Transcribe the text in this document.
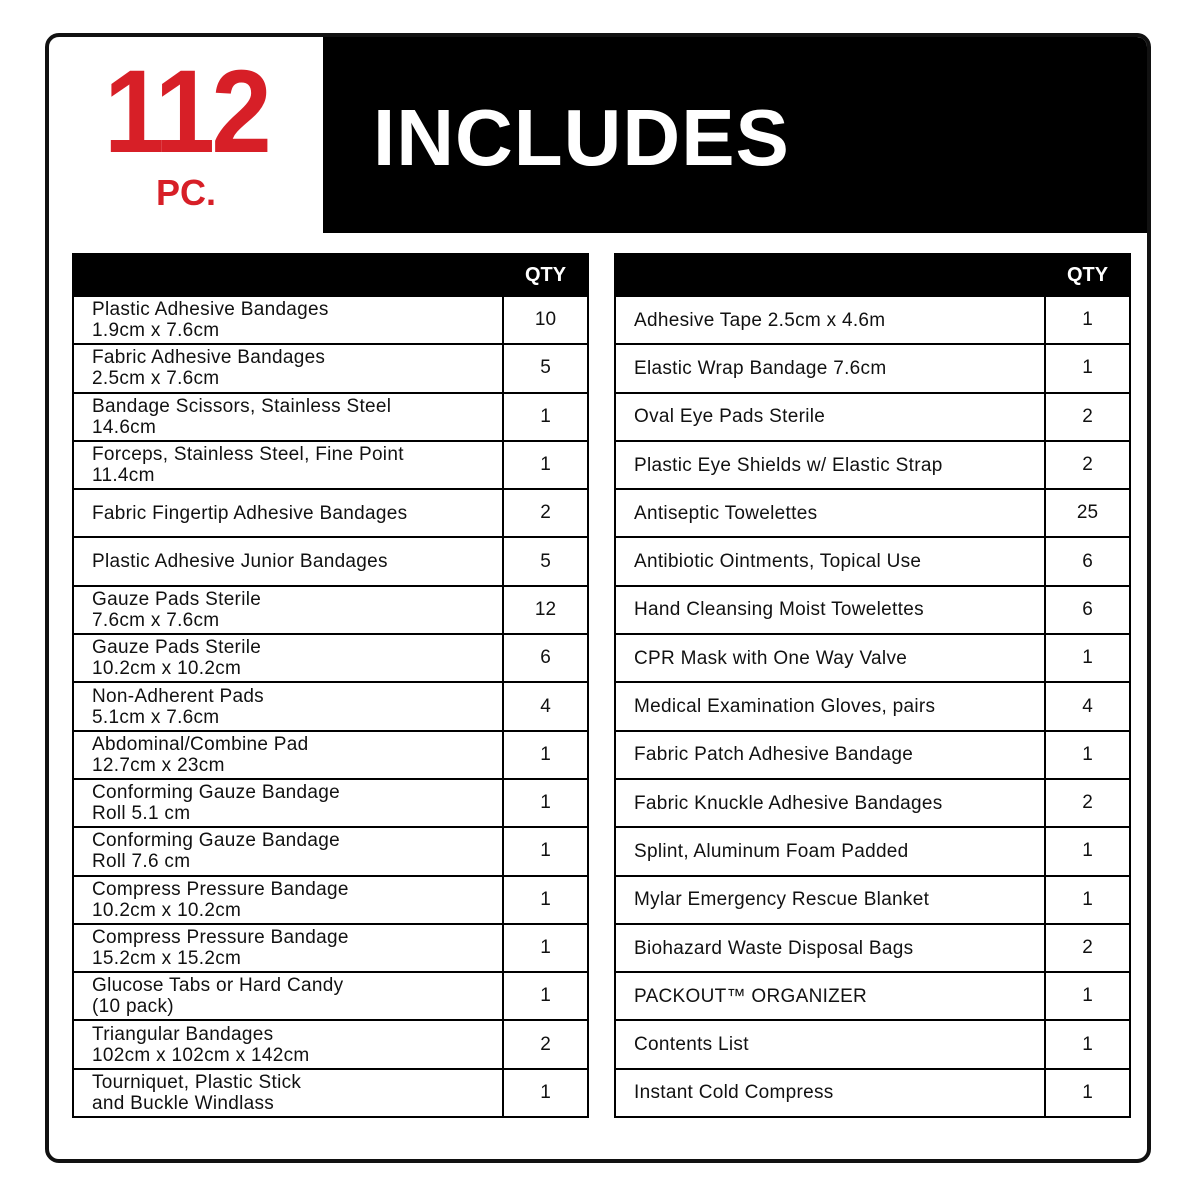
112
PC.
INCLUDES
	QTY

Plastic Adhesive Bandages
1.9cm x 7.6cm	10

Fabric Adhesive Bandages
2.5cm x 7.6cm	5

Bandage Scissors, Stainless Steel
14.6cm	1

Forceps, Stainless Steel, Fine Point
11.4cm	1

Fabric Fingertip Adhesive Bandages	2

Plastic Adhesive Junior Bandages	5

Gauze Pads Sterile
7.6cm x 7.6cm	12

Gauze Pads Sterile
10.2cm x 10.2cm	6

Non-Adherent Pads
5.1cm x 7.6cm	4

Abdominal/Combine Pad
12.7cm x 23cm	1

Conforming Gauze Bandage
Roll 5.1 cm	1

Conforming Gauze Bandage
Roll 7.6 cm	1

Compress Pressure Bandage
10.2cm x 10.2cm	1

Compress Pressure Bandage
15.2cm x 15.2cm	1

Glucose Tabs or Hard Candy
(10 pack)	1

Triangular Bandages
102cm x 102cm x 142cm	2

Tourniquet, Plastic Stick
and Buckle Windlass	1
	QTY

Adhesive Tape 2.5cm x 4.6m	1

Elastic Wrap Bandage 7.6cm	1

Oval Eye Pads Sterile	2

Plastic Eye Shields w/ Elastic Strap	2

Antiseptic Towelettes	25

Antibiotic Ointments, Topical Use	6

Hand Cleansing Moist Towelettes	6

CPR Mask with One Way Valve	1

Medical Examination Gloves, pairs	4

Fabric Patch Adhesive Bandage	1

Fabric Knuckle Adhesive Bandages	2

Splint, Aluminum Foam Padded	1

Mylar Emergency Rescue Blanket	1

Biohazard Waste Disposal Bags	2

PACKOUT™ ORGANIZER	1

Contents List	1

Instant Cold Compress	1
